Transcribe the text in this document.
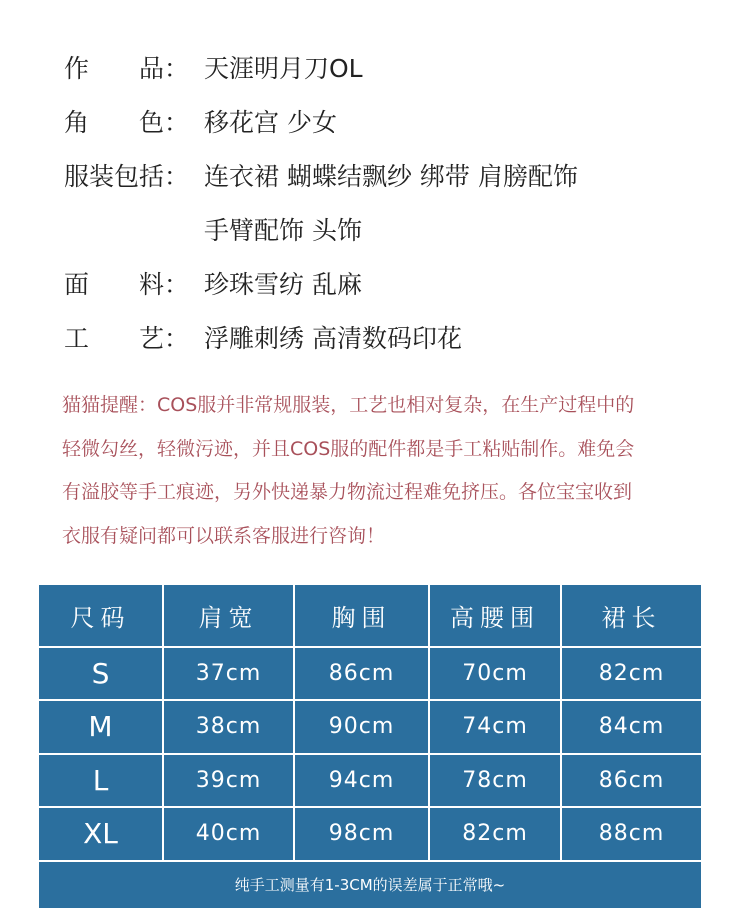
作　　品： 天涯明月刀OL
角　　色： 移花宫 少女
服装包括： 连衣裙 蝴蝶结飘纱 绑带 肩膀配饰
手臂配饰 头饰
面　　料： 珍珠雪纺 乱麻
工　　艺： 浮雕刺绣 高清数码印花
猫猫提醒：COS服并非常规服装，工艺也相对复杂，在生产过程中的
轻微勾丝，轻微污迹，并且COS服的配件都是手工粘贴制作。难免会
有溢胶等手工痕迹，另外快递暴力物流过程难免挤压。各位宝宝收到
衣服有疑问都可以联系客服进行咨询！
尺码	肩宽	胸围	高腰围	裙长
S	37cm	86cm	70cm	82cm
M	38cm	90cm	74cm	84cm
L	39cm	94cm	78cm	86cm
XL	40cm	98cm	82cm	88cm
纯手工测量有1-3CM的误差属于正常哦~				
